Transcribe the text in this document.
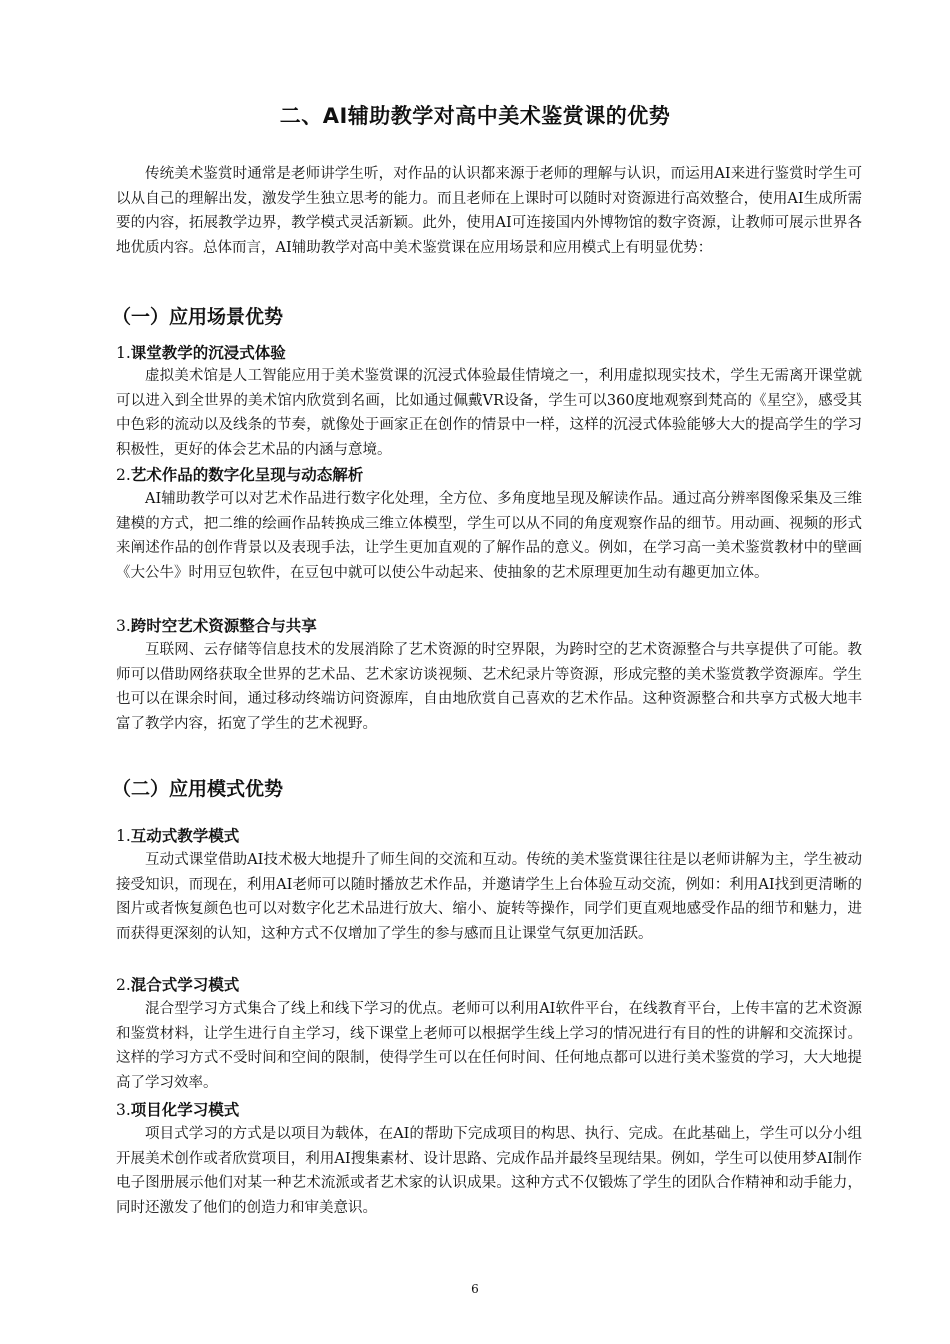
二、AI辅助教学对高中美术鉴赏课的优势

传统美术鉴赏时通常是老师讲学生听，对作品的认识都来源于老师的理解与认识，而运用AI来进行鉴赏时学生可以从自己的理解出发，激发学生独立思考的能力。而且老师在上课时可以随时对资源进行高效整合，使用AI生成所需要的内容，拓展教学边界，教学模式灵活新颖。此外，使用AI可连接国内外博物馆的数字资源，让教师可展示世界各地优质内容。总体而言，AI辅助教学对高中美术鉴赏课在应用场景和应用模式上有明显优势：

（一）应用场景优势
1.课堂教学的沉浸式体验

虚拟美术馆是人工智能应用于美术鉴赏课的沉浸式体验最佳情境之一，利用虚拟现实技术，学生无需离开课堂就可以进入到全世界的美术馆内欣赏到名画，比如通过佩戴VR设备，学生可以360度地观察到梵高的《星空》，感受其中色彩的流动以及线条的节奏，就像处于画家正在创作的情景中一样，这样的沉浸式体验能够大大的提高学生的学习积极性，更好的体会艺术品的内涵与意境。

2.艺术作品的数字化呈现与动态解析

AI辅助教学可以对艺术作品进行数字化处理，全方位、多角度地呈现及解读作品。通过高分辨率图像采集及三维建模的方式，把二维的绘画作品转换成三维立体模型，学生可以从不同的角度观察作品的细节。用动画、视频的形式来阐述作品的创作背景以及表现手法，让学生更加直观的了解作品的意义。例如，在学习高一美术鉴赏教材中的壁画《大公牛》时用豆包软件，在豆包中就可以使公牛动起来、使抽象的艺术原理更加生动有趣更加立体。

3.跨时空艺术资源整合与共享

互联网、云存储等信息技术的发展消除了艺术资源的时空界限，为跨时空的艺术资源整合与共享提供了可能。教师可以借助网络获取全世界的艺术品、艺术家访谈视频、艺术纪录片等资源，形成完整的美术鉴赏教学资源库。学生也可以在课余时间，通过移动终端访问资源库，自由地欣赏自己喜欢的艺术作品。这种资源整合和共享方式极大地丰富了教学内容，拓宽了学生的艺术视野。

（二）应用模式优势
1.互动式教学模式

互动式课堂借助AI技术极大地提升了师生间的交流和互动。传统的美术鉴赏课往往是以老师讲解为主，学生被动接受知识，而现在，利用AI老师可以随时播放艺术作品，并邀请学生上台体验互动交流，例如：利用AI找到更清晰的图片或者恢复颜色也可以对数字化艺术品进行放大、缩小、旋转等操作，同学们更直观地感受作品的细节和魅力，进而获得更深刻的认知，这种方式不仅增加了学生的参与感而且让课堂气氛更加活跃。

2.混合式学习模式

混合型学习方式集合了线上和线下学习的优点。老师可以利用AI软件平台，在线教育平台，上传丰富的艺术资源和鉴赏材料，让学生进行自主学习，线下课堂上老师可以根据学生线上学习的情况进行有目的性的讲解和交流探讨。这样的学习方式不受时间和空间的限制，使得学生可以在任何时间、任何地点都可以进行美术鉴赏的学习，大大地提高了学习效率。

3.项目化学习模式

项目式学习的方式是以项目为载体，在AI的帮助下完成项目的构思、执行、完成。在此基础上，学生可以分小组开展美术创作或者欣赏项目，利用AI搜集素材、设计思路、完成作品并最终呈现结果。例如，学生可以使用梦AI制作电子图册展示他们对某一种艺术流派或者艺术家的认识成果。这种方式不仅锻炼了学生的团队合作精神和动手能力，同时还激发了他们的创造力和审美意识。

6
